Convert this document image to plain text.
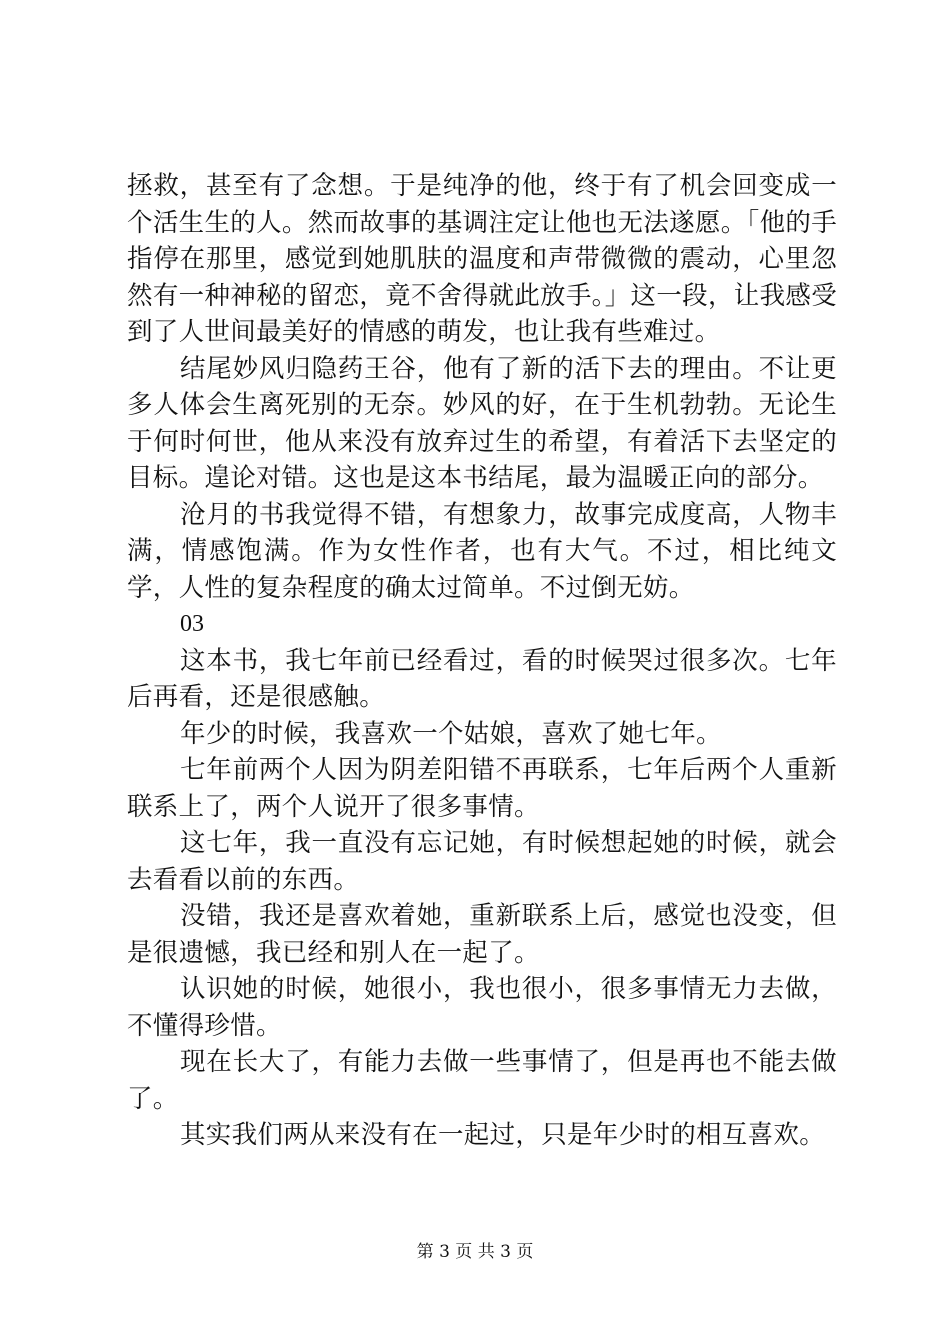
拯救，甚至有了念想。于是纯净的他，终于有了机会回变成一个活生生的人。然而故事的基调注定让他也无法遂愿。「他的手指停在那里，感觉到她肌肤的温度和声带微微的震动，心里忽然有一种神秘的留恋，竟不舍得就此放手。」这一段，让我感受到了人世间最美好的情感的萌发，也让我有些难过。

结尾妙风归隐药王谷，他有了新的活下去的理由。不让更多人体会生离死别的无奈。妙风的好，在于生机勃勃。无论生于何时何世，他从来没有放弃过生的希望，有着活下去坚定的目标。遑论对错。这也是这本书结尾，最为温暖正向的部分。

沧月的书我觉得不错，有想象力，故事完成度高，人物丰满，情感饱满。作为女性作者，也有大气。不过，相比纯文学，人性的复杂程度的确太过简单。不过倒无妨。

03

这本书，我七年前已经看过，看的时候哭过很多次。七年后再看，还是很感触。

年少的时候，我喜欢一个姑娘，喜欢了她七年。

七年前两个人因为阴差阳错不再联系，七年后两个人重新联系上了，两个人说开了很多事情。

这七年，我一直没有忘记她，有时候想起她的时候，就会去看看以前的东西。

没错，我还是喜欢着她，重新联系上后，感觉也没变，但是很遗憾，我已经和别人在一起了。

认识她的时候，她很小，我也很小，很多事情无力去做，不懂得珍惜。

现在长大了，有能力去做一些事情了，但是再也不能去做了。

其实我们两从来没有在一起过，只是年少时的相互喜欢。

第 3 页 共 3 页
